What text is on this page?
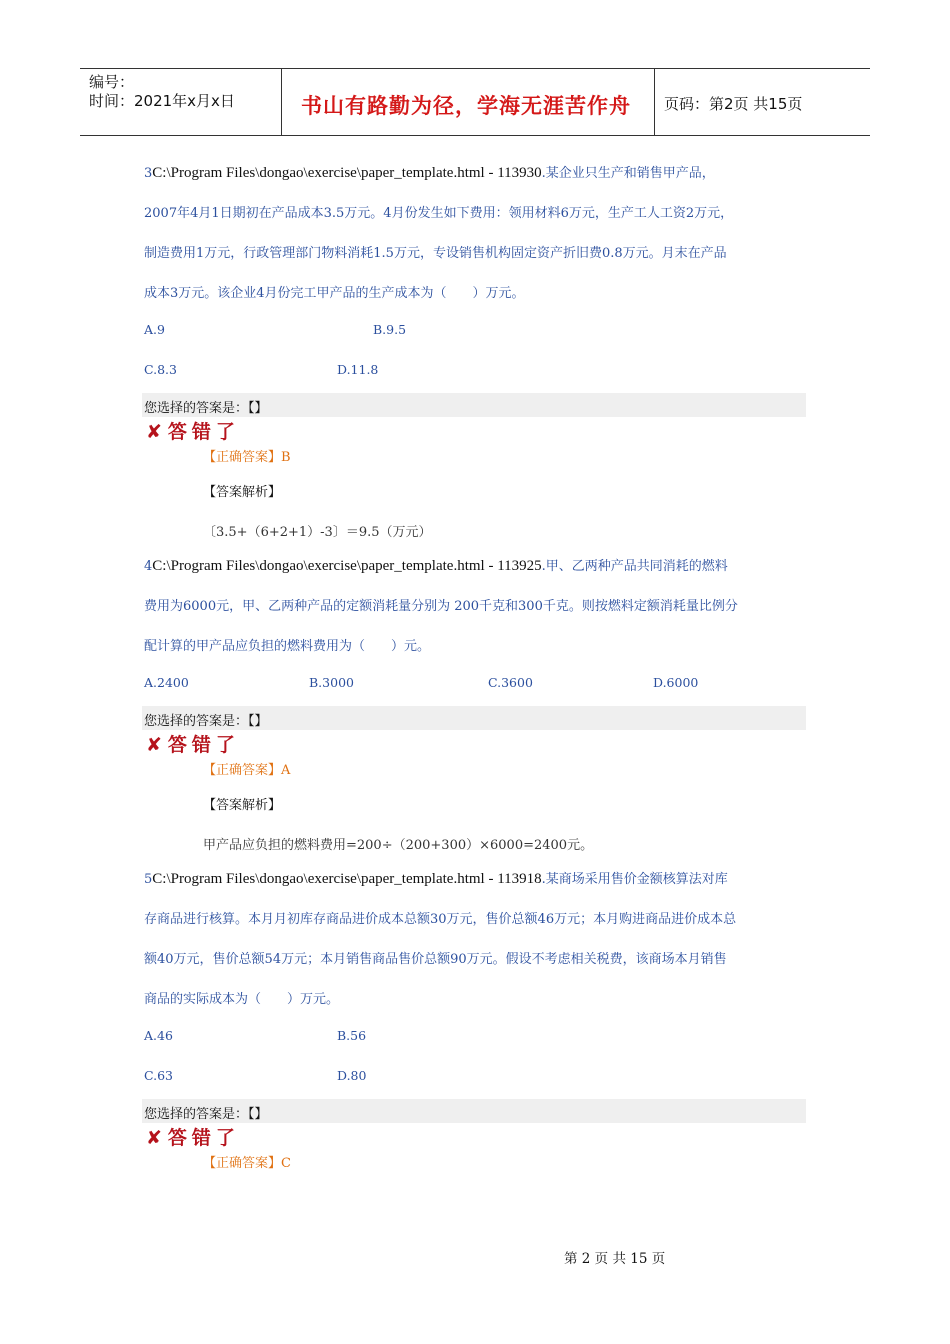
编号：
时间：2021年x月x日	书山有路勤为径，学海无涯苦作舟 页码：第2页 共15页
3C:\Program Files\dongao\exercise\paper_template.html - 113930.某企业只生产和销售甲产品，
2007年4月1日期初在产品成本3.5万元。4月份发生如下费用：领用材料6万元，生产工人工资2万元，
制造费用1万元，行政管理部门物料消耗1.5万元，专设销售机构固定资产折旧费0.8万元。月末在产品
成本3万元。该企业4月份完工甲产品的生产成本为（　　）万元。
A.9	B.9.5
C.8.3	D.11.8
您选择的答案是：【】
✘ 答错了
【正确答案】B
【答案解析】
〔3.5+（6+2+1）-3〕＝9.5（万元）
4C:\Program Files\dongao\exercise\paper_template.html - 113925.甲、乙两种产品共同消耗的燃料
费用为6000元，甲、乙两种产品的定额消耗量分别为 200千克和300千克。则按燃料定额消耗量比例分
配计算的甲产品应负担的燃料费用为（　　）元。
A.2400	B.3000	C.3600	D.6000
您选择的答案是：【】
✘ 答错了
【正确答案】A
【答案解析】
甲产品应负担的燃料费用=200÷（200+300）×6000=2400元。
5C:\Program Files\dongao\exercise\paper_template.html - 113918.某商场采用售价金额核算法对库
存商品进行核算。本月月初库存商品进价成本总额30万元，售价总额46万元；本月购进商品进价成本总
额40万元，售价总额54万元；本月销售商品售价总额90万元。假设不考虑相关税费，该商场本月销售
商品的实际成本为（　　）万元。
A.46	B.56
C.63	D.80
您选择的答案是：【】
✘ 答错了
【正确答案】C
第 2 页 共 15 页
